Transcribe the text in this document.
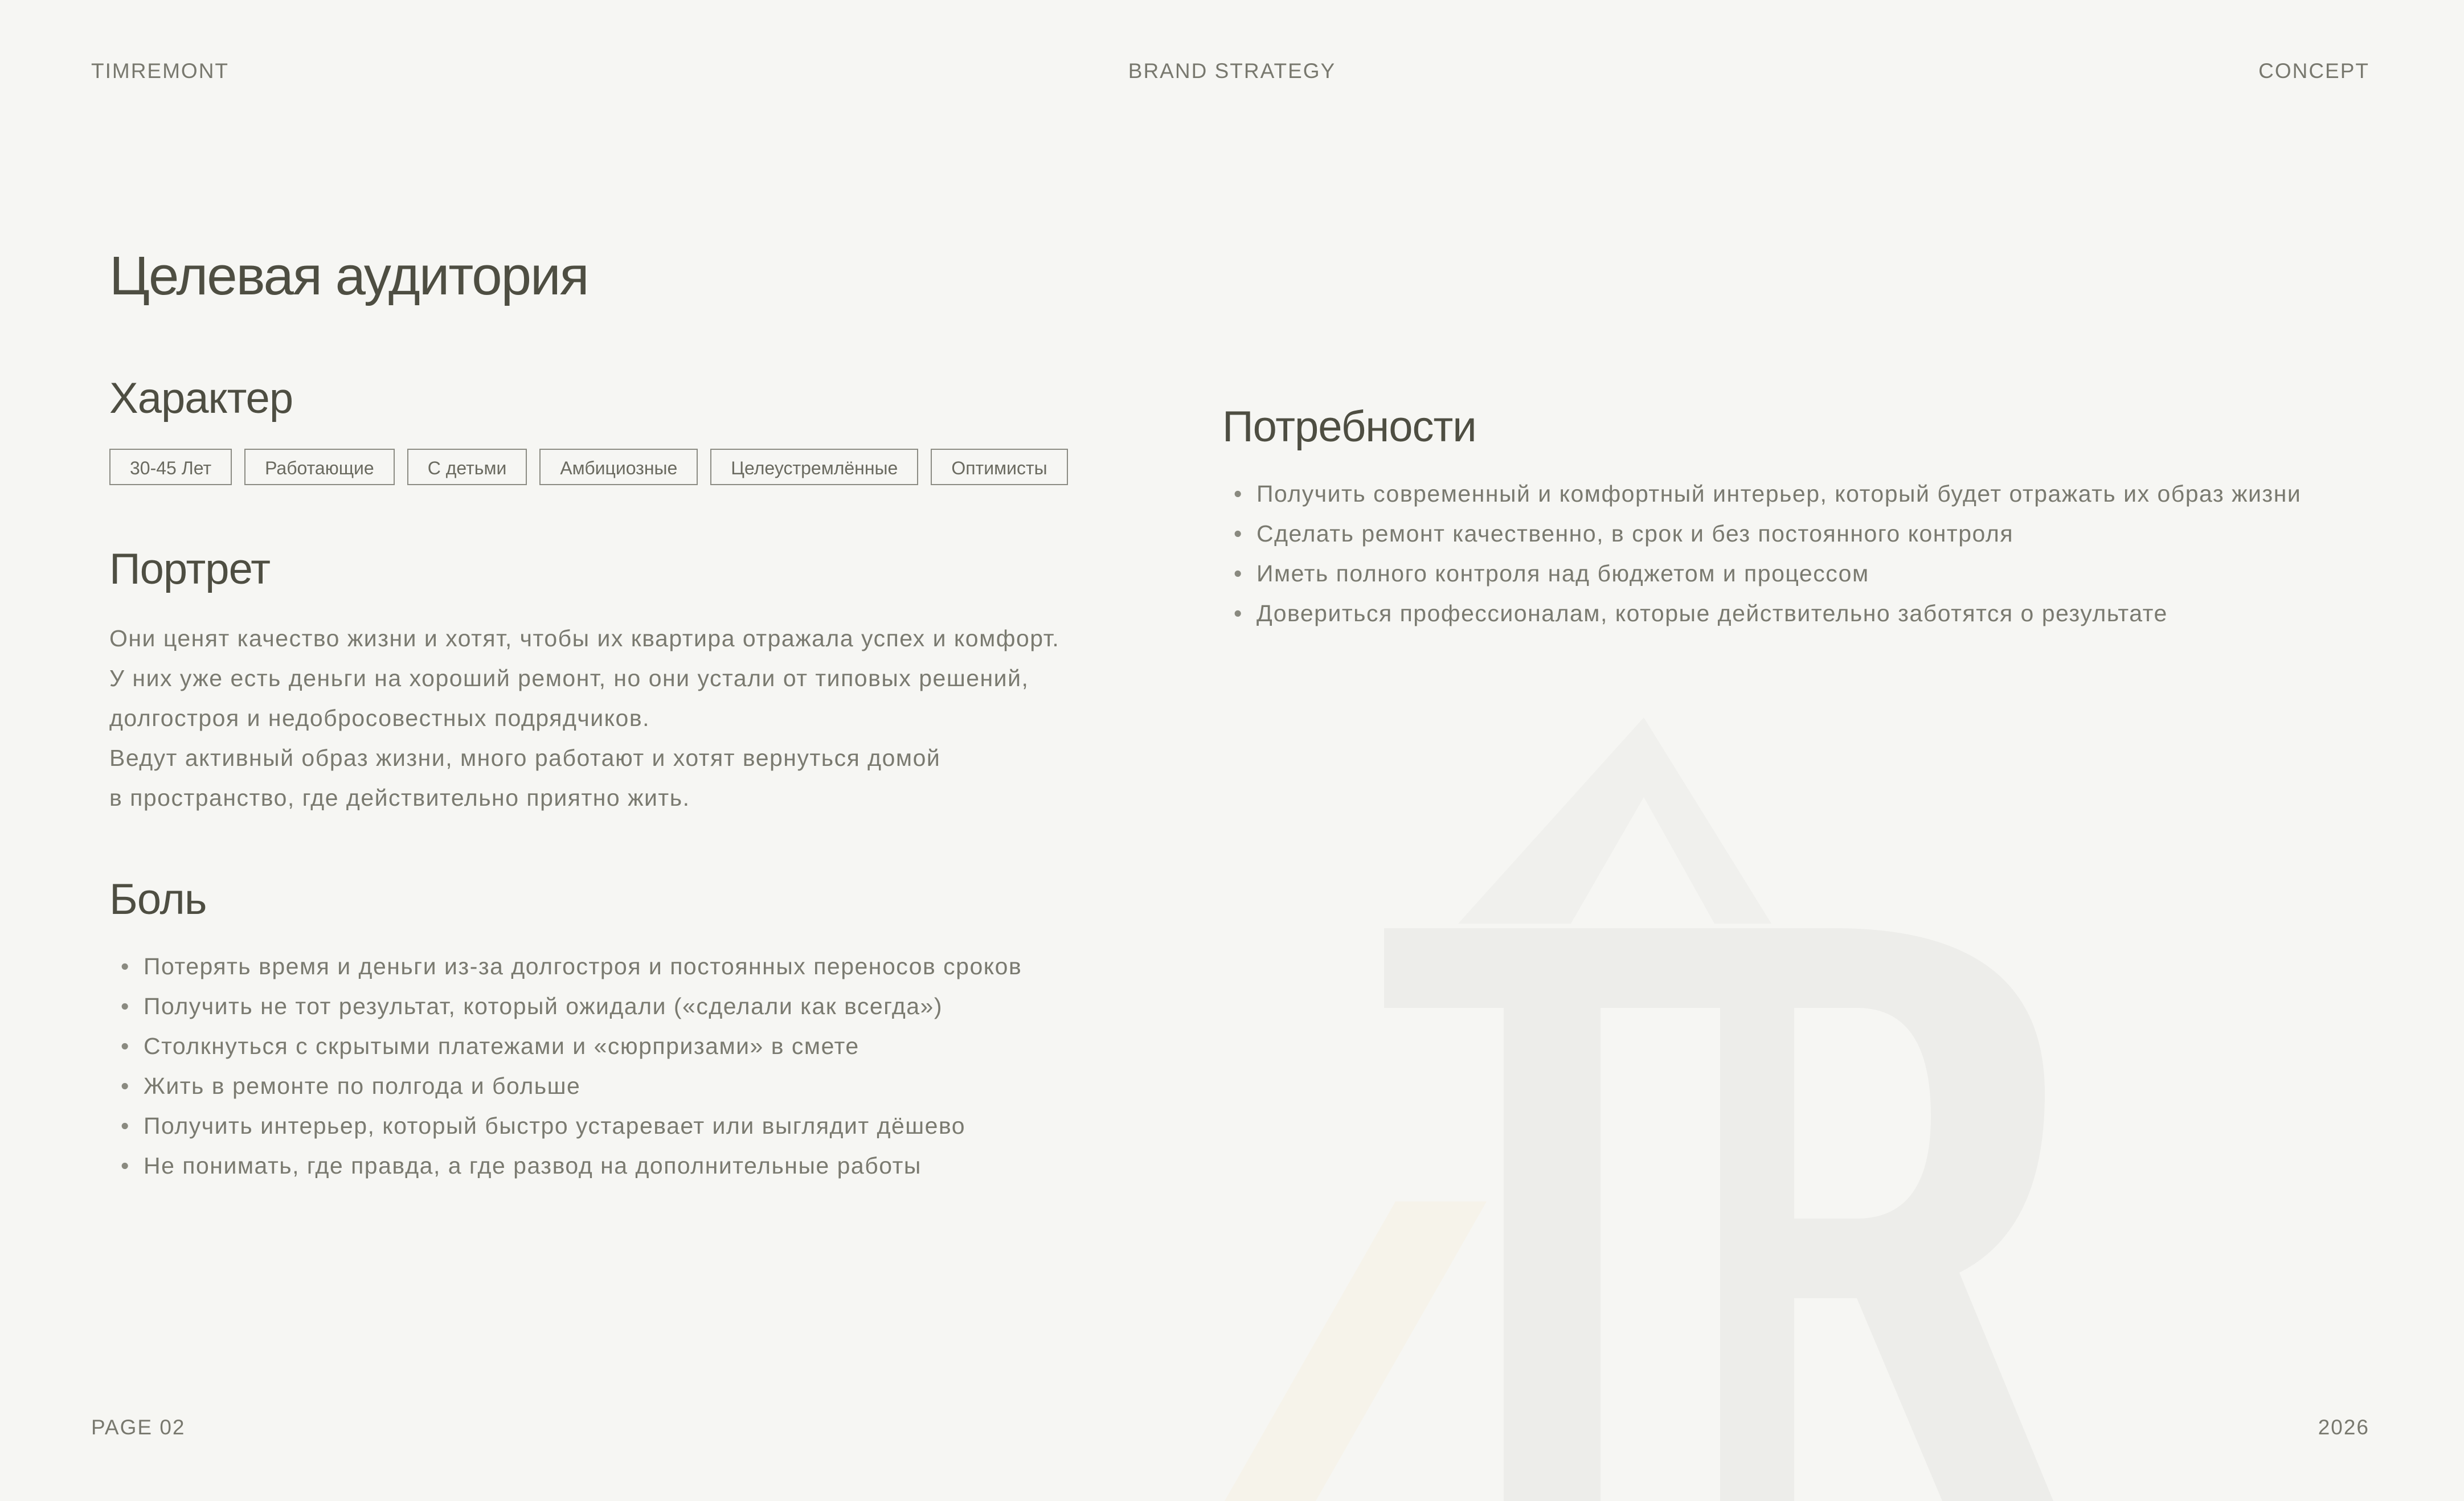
TIMREMONT	BRAND STRATEGY	CONCEPT
Целевая аудитория
Характер
30-45 Лет	Работающие	С детьми	Амбициозные	Целеустремлённые	Оптимисты
Портрет
Они ценят качество жизни и хотят, чтобы их квартира отражала успех и комфорт.
У них уже есть деньги на хороший ремонт, но они устали от типовых решений,
долгостроя и недобросовестных подрядчиков.
Ведут активный образ жизни, много работают и хотят вернуться домой
в пространство, где действительно приятно жить.
Боль
• Потерять время и деньги из-за долгостроя и постоянных переносов сроков
• Получить не тот результат, который ожидали («сделали как всегда»)
• Столкнуться с скрытыми платежами и «сюрпризами» в смете
• Жить в ремонте по полгода и больше
• Получить интерьер, который быстро устаревает или выглядит дёшево
• Не понимать, где правда, а где развод на дополнительные работы
Потребности
• Получить современный и комфортный интерьер, который будет отражать их образ жизни
• Сделать ремонт качественно, в срок и без постоянного контроля
• Иметь полного контроля над бюджетом и процессом
• Довериться профессионалам, которые действительно заботятся о результате
PAGE 02	2026
